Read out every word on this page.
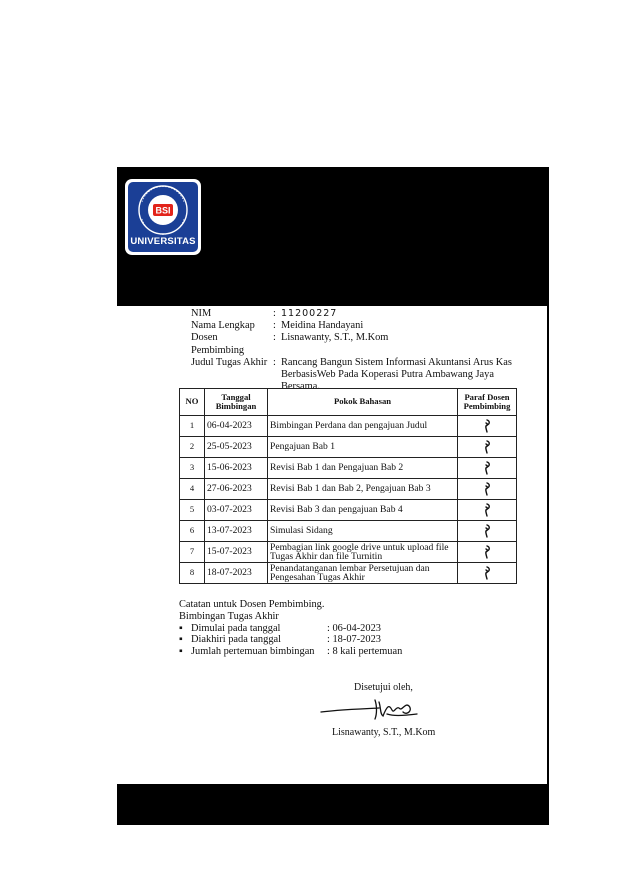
BSI
UNIVERSITAS
NIM	: 11200227
Nama Lengkap	: Meidina Handayani
Dosen Pembimbing
: Lisnawanty, S.T., M.Kom
Judul Tugas Akhir : Rancang Bangun Sistem Informasi Akuntansi Arus Kas BerbasisWeb Pada Koperasi Putra Ambawang Jaya Bersama.
NO	Tanggal Bimbingan	Pokok Bahasan	Paraf Dosen Pembimbing
1	06-04-2023	Bimbingan Perdana dan pengajuan Judul	
2	25-05-2023	Pengajuan Bab 1	
3	15-06-2023	Revisi Bab 1 dan Pengajuan Bab 2	
4	27-06-2023	Revisi Bab 1 dan Bab 2, Pengajuan Bab 3	
5	03-07-2023	Revisi Bab 3 dan pengajuan Bab 4	
6	13-07-2023	Simulasi Sidang	
7	15-07-2023	Pembagian link google drive untuk upload file Tugas Akhir dan file Turnitin	
8	18-07-2023	Penandatanganan lembar Persetujuan dan Pengesahan Tugas Akhir	
Catatan untuk Dosen Pembimbing.
Bimbingan Tugas Akhir
▪ Dimulai pada tanggal	: 06-04-2023
▪ Diakhiri pada tanggal	: 18-07-2023
▪ Jumlah pertemuan bimbingan	: 8 kali pertemuan
Disetujui oleh,
Lisnawanty, S.T., M.Kom
